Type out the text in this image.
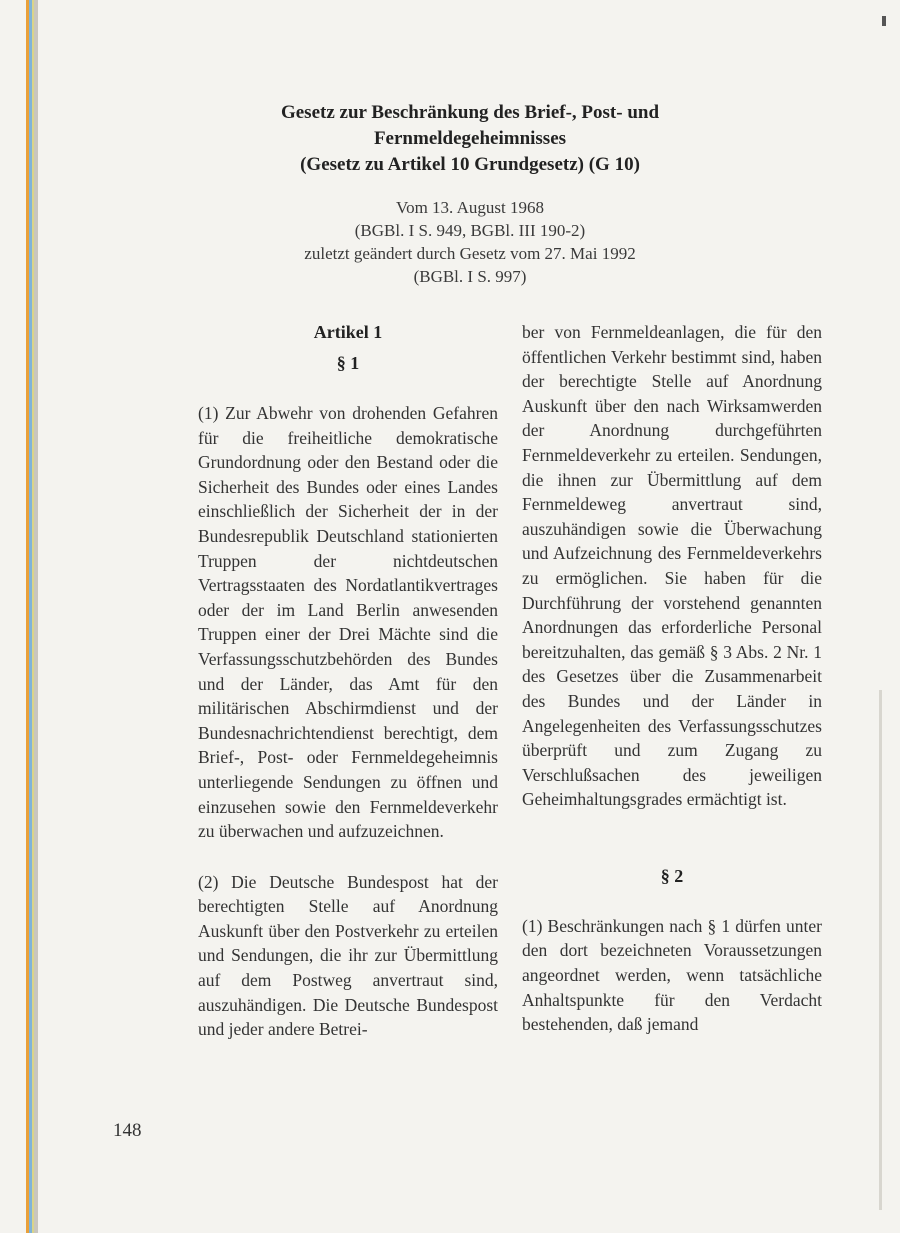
Gesetz zur Beschränkung des Brief-, Post- und

Fernmeldegeheimnisses

(Gesetz zu Artikel 10 Grundgesetz) (G 10)

Vom 13. August 1968

(BGBl. I S. 949, BGBl. III 190-2)

zuletzt geändert durch Gesetz vom 27. Mai 1992

(BGBl. I S. 997)

Artikel 1

§ 1

(1) Zur Abwehr von drohenden Gefahren für die freiheitliche demokratische Grundordnung oder den Bestand oder die Sicherheit des Bundes oder eines Landes einschließlich der Sicherheit der in der Bundesrepublik Deutschland stationierten Truppen der nichtdeutschen Vertragsstaaten des Nordatlantikvertrages oder der im Land Berlin anwesenden Truppen einer der Drei Mächte sind die Verfassungsschutzbehörden des Bundes und der Länder, das Amt für den militärischen Abschirmdienst und der Bundesnachrichtendienst berechtigt, dem Brief-, Post- oder Fernmeldegeheimnis unterliegende Sendungen zu öffnen und einzusehen sowie den Fernmeldeverkehr zu überwachen und aufzuzeichnen.

(2) Die Deutsche Bundespost hat der berechtigten Stelle auf Anordnung Auskunft über den Postverkehr zu erteilen und Sendungen, die ihr zur Übermittlung auf dem Postweg anvertraut sind, auszuhändigen. Die Deutsche Bundespost und jeder andere Betrei-

ber von Fernmeldeanlagen, die für den öffentlichen Verkehr bestimmt sind, haben der berechtigte Stelle auf Anordnung Auskunft über den nach Wirksamwerden der Anordnung durchgeführten Fernmeldeverkehr zu erteilen. Sendungen, die ihnen zur Übermittlung auf dem Fernmeldeweg anvertraut sind, auszuhändigen sowie die Überwachung und Aufzeichnung des Fernmeldeverkehrs zu ermöglichen. Sie haben für die Durchführung der vorstehend genannten Anordnungen das erforderliche Personal bereitzuhalten, das gemäß § 3 Abs. 2 Nr. 1 des Gesetzes über die Zusammenarbeit des Bundes und der Länder in Angelegenheiten des Verfassungsschutzes überprüft und zum Zugang zu Verschlußsachen des jeweiligen Geheimhaltungsgrades ermächtigt ist.

§ 2

(1) Beschränkungen nach § 1 dürfen unter den dort bezeichneten Voraussetzungen angeordnet werden, wenn tatsächliche Anhaltspunkte für den Verdacht bestehenden, daß jemand

148
